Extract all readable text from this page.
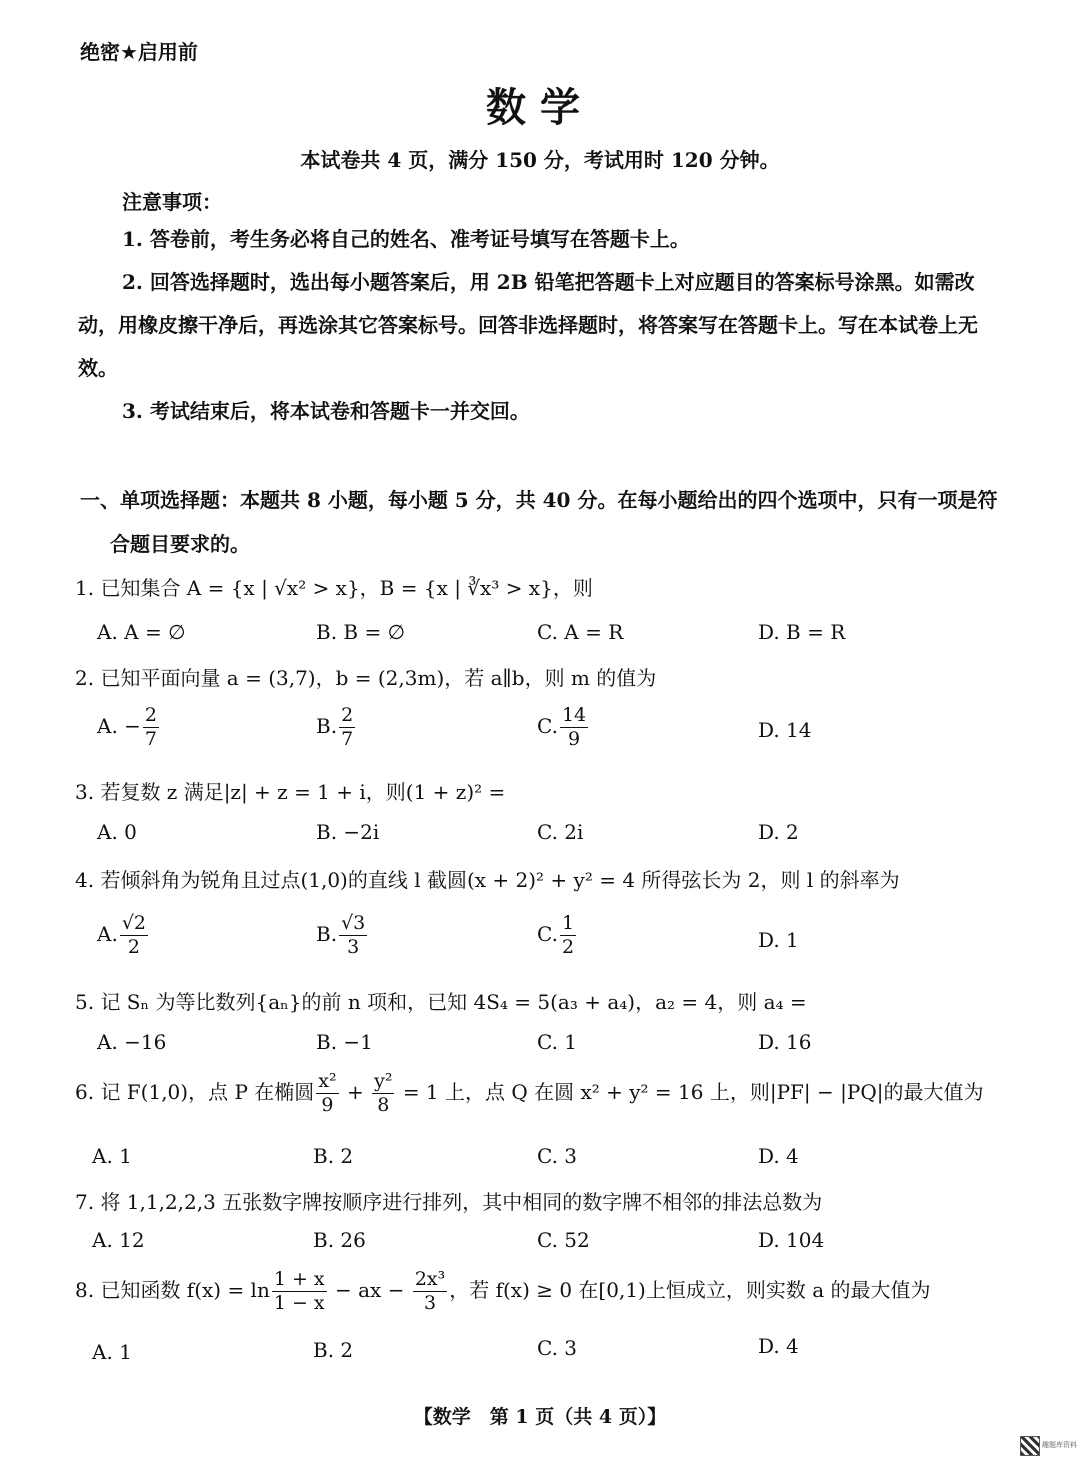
绝密★启用前
数学
本试卷共 4 页，满分 150 分，考试用时 120 分钟。
注意事项：

1. 答卷前，考生务必将自己的姓名、准考证号填写在答题卡上。

2. 回答选择题时，选出每小题答案后，用 2B 铅笔把答题卡上对应题目的答案标号涂黑。如需改动，用橡皮擦干净后，再选涂其它答案标号。回答非选择题时，将答案写在答题卡上。写在本试卷上无效。

3. 考试结束后，将本试卷和答题卡一并交回。

一、单项选择题：本题共 8 小题，每小题 5 分，共 40 分。在每小题给出的四个选项中，只有一项是符
合题目要求的。
1. 已知集合 A = {x | √x² > x}，B = {x | ∛x³ > x}，则
A. A = ∅	B. B = ∅	C. A = R	D. B = R
2. 已知平面向量 a = (3,7)，b = (2,3m)，若 a∥b，则 m 的值为
A. − $\frac{2}{7}$	B. $\frac{2}{7}$	C. $\frac{14}{9}$	D. 14
3. 若复数 z 满足|z| + z = 1 + i，则(1 + z)² =
A. 0	B. −2i	C. 2i	D. 2
4. 若倾斜角为锐角且过点(1,0)的直线 l 截圆(x + 2)² + y² = 4 所得弦长为 2，则 l 的斜率为
A. $\frac{√2}{2}$	B. $\frac{√3}{3}$	C. $\frac{1}{2}$	D. 1
5. 记 Sₙ 为等比数列{aₙ}的前 n 项和，已知 4S₄ = 5(a₃ + a₄)，a₂ = 4，则 a₄ =
A. −16	B. −1	C. 1	D. 16
6. 记 F(1,0)，点 P 在椭圆 $\frac{\text{x²}}{9} + \frac{\text{y²}}{8} = 1$ 上，点 Q 在圆 x² + y² = 16 上，则|PF| − |PQ|的最大值为
A. 1	B. 2	C. 3	D. 4
7. 将 1,1,2,2,3 五张数字牌按顺序进行排列，其中相同的数字牌不相邻的排法总数为
A. 12	B. 26	C. 52	D. 104
8. 已知函数 $f(x) = \ln \frac{1 + x}{1 - x}$ − ax − $\frac{\text{2x³}}{3}$ ，若 f(x) ≥ 0 在[0,1)上恒成立，则实数 a 的最大值为
A. 1	B. 2	C. 3	D. 4
【数学　第 1 页（共 4 页）】
趣题库资料
